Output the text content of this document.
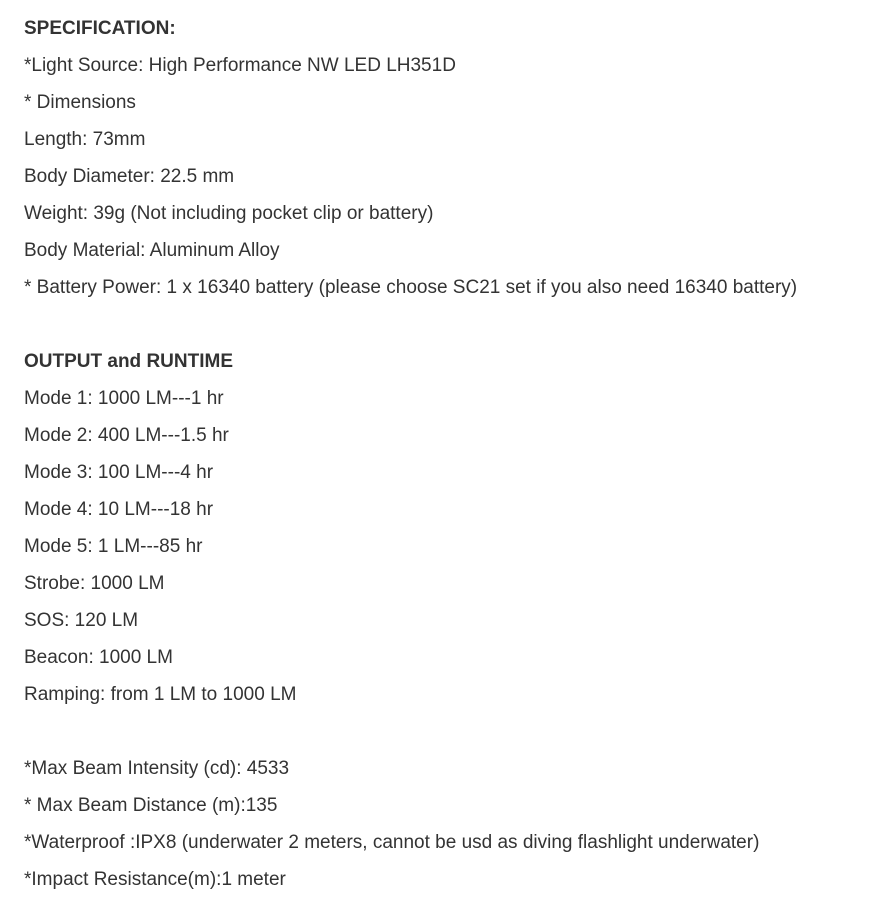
SPECIFICATION:

*Light Source: High Performance NW LED LH351D

* Dimensions

Length: 73mm

Body Diameter: 22.5 mm

Weight: 39g (Not including pocket clip or battery)

Body Material: Aluminum Alloy

* Battery Power: 1 x 16340 battery (please choose SC21 set if you also need 16340 battery)

OUTPUT and RUNTIME

Mode 1: 1000 LM---1 hr

Mode 2: 400 LM---1.5 hr

Mode 3: 100 LM---4 hr

Mode 4: 10 LM---18 hr

Mode 5: 1 LM---85 hr

Strobe: 1000 LM

SOS: 120 LM

Beacon: 1000 LM

Ramping: from 1 LM to 1000 LM

*Max Beam Intensity (cd): 4533

* Max Beam Distance (m):135

*Waterproof :IPX8 (underwater 2 meters, cannot be usd as diving flashlight underwater)

*Impact Resistance(m):1 meter
